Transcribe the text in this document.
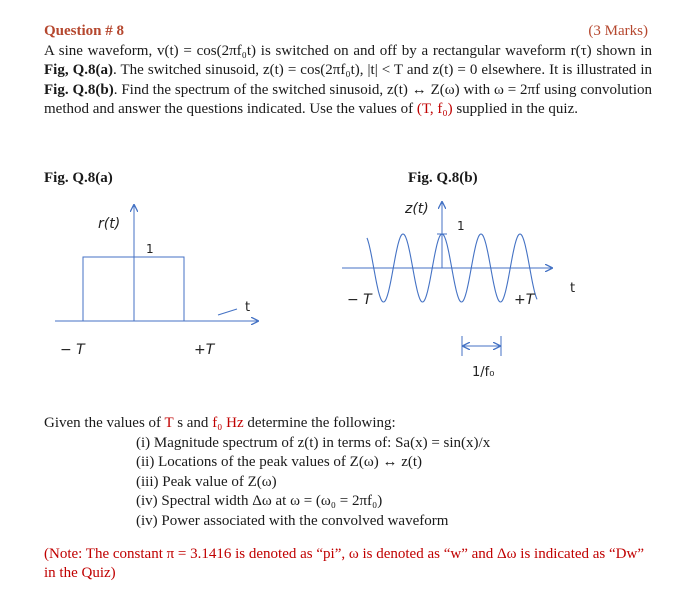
Question # 8	(3 Marks)
A sine waveform, v(t) = cos(2πf₀t) is switched on and off by a rectangular waveform r(τ) shown in Fig, Q.8(a). The switched sinusoid, z(t) = cos(2πf₀t), |t| < T and z(t) = 0 elsewhere. It is illustrated in Fig. Q.8(b). Find the spectrum of the switched sinusoid, z(t) ↔ Z(ω) with ω = 2πf using convolution method and answer the questions indicated. Use the values of (T, f₀) supplied in the quiz.
Fig. Q.8(a)	Fig. Q.8(b)
r(t)
1
− T	+T
t
z(t)
1
− T	+T
t
1/f₀
Given the values of T s and f₀ Hz determine the following:
(i) Magnitude spectrum of z(t) in terms of: Sa(x) = sin(x)/x
(ii) Locations of the peak values of Z(ω) ↔ z(t)
(iii) Peak value of Z(ω)
(iv) Spectral width Δω at ω = (ω₀ = 2πf₀)
(iv) Power associated with the convolved waveform
(Note: The constant π = 3.1416 is denoted as “pi”, ω is denoted as “w” and Δω is indicated as “Dw” in the Quiz)
